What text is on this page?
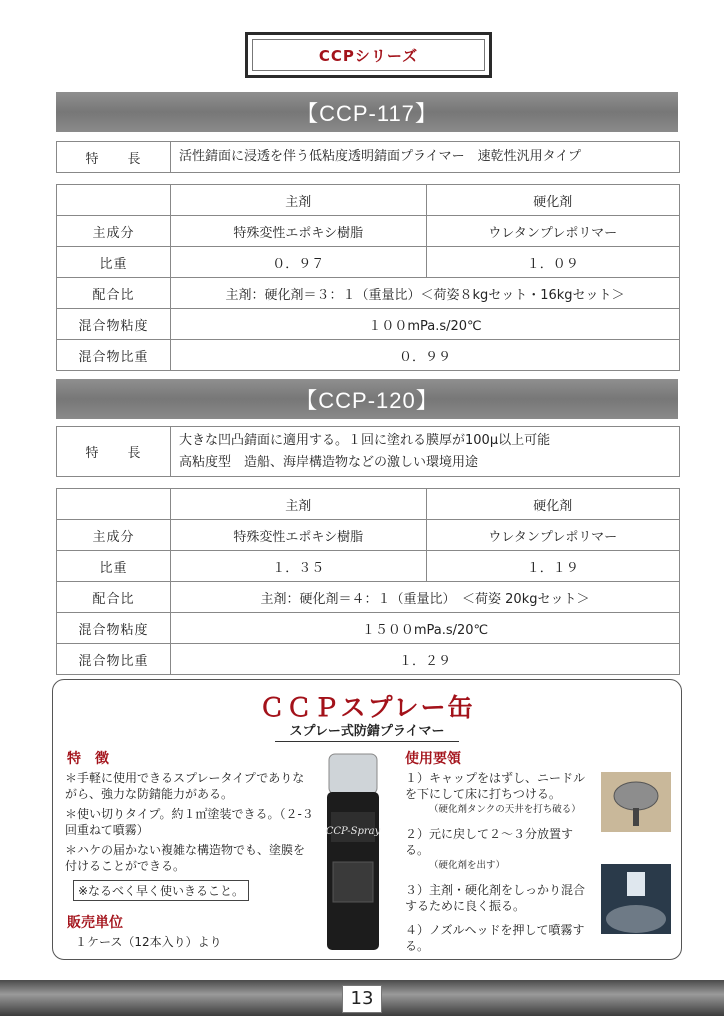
CCPシリーズ
【CCP-117】
特　　長	活性錆面に浸透を伴う低粘度透明錆面プライマー　速乾性汎用タイプ	

	主剤	硬化剤
主成分	特殊変性エポキシ樹脂	ウレタンプレポリマー
比重	０．９７	１．０９
配合比	主剤：硬化剤＝３：１（重量比）＜荷姿８kgセット・16kgセット＞	
混合物粘度	１００mPa.s/20℃	
混合物比重	０．９９	
【CCP-120】
特　　長	大きな凹凸錆面に適用する。１回に塗れる膜厚が100μ以上可能
高粘度型　造船、海岸構造物などの激しい環境用途	

	主剤	硬化剤
主成分	特殊変性エポキシ樹脂	ウレタンプレポリマー
比重	１．３５	１．１９
配合比	主剤：硬化剤＝４：１（重量比）　＜荷姿 20kgセット＞	
混合物粘度	１５００mPa.s/20℃	
混合物比重	１．２９	
ＣＣＰスプレー缶
スプレー式防錆プライマー
特　徴
＊手軽に使用できるスプレータイプでありながら、強力な防錆能力がある。
＊使い切りタイプ。約１㎡塗装できる。（２-３回重ねて噴霧）
＊ハケの届かない複雑な構造物でも、塗膜を付けることができる。
※なるべく早く使いきること。
販売単位
１ケース（12本入り）より
CCP-Spray
使用要領
１）キャップをはずし、ニードルを下にして床に打ちつける。
（硬化剤タンクの天井を打ち破る）
２）元に戻して２〜３分放置する。
（硬化剤を出す）
３）主剤・硬化剤をしっかり混合するために良く振る。
４）ノズルヘッドを押して噴霧する。
13
